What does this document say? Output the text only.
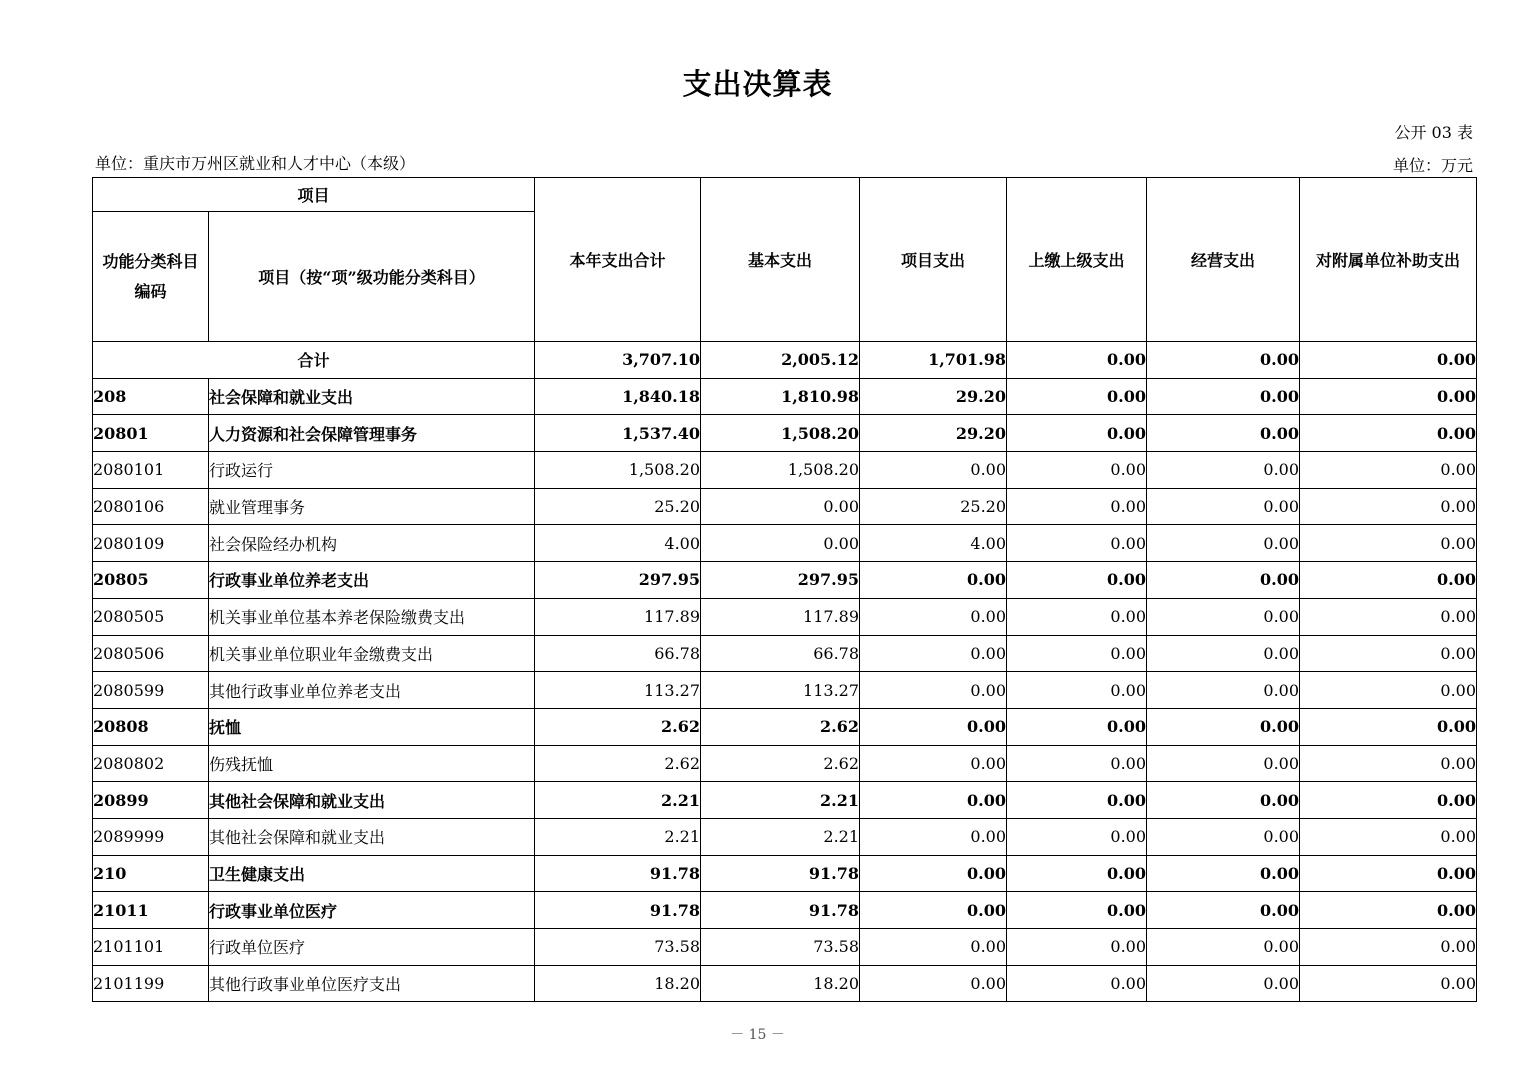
支出决算表
公开 03 表
单位：重庆市万州区就业和人才中心（本级）	单位：万元
项目		本年支出合计	基本支出	项目支出	上缴上级支出	经营支出	对附属单位补助支出
功能分类科目编码	项目（按“项”级功能分类科目）						
合计		3,707.10	2,005.12	1,701.98	0.00	0.00	0.00
208	社会保障和就业支出	1,840.18	1,810.98	29.20	0.00	0.00	0.00
20801	人力资源和社会保障管理事务	1,537.40	1,508.20	29.20	0.00	0.00	0.00
2080101	行政运行	1,508.20	1,508.20	0.00	0.00	0.00	0.00
2080106	就业管理事务	25.20	0.00	25.20	0.00	0.00	0.00
2080109	社会保险经办机构	4.00	0.00	4.00	0.00	0.00	0.00
20805	行政事业单位养老支出	297.95	297.95	0.00	0.00	0.00	0.00
2080505	机关事业单位基本养老保险缴费支出	117.89	117.89	0.00	0.00	0.00	0.00
2080506	机关事业单位职业年金缴费支出	66.78	66.78	0.00	0.00	0.00	0.00
2080599	其他行政事业单位养老支出	113.27	113.27	0.00	0.00	0.00	0.00
20808	抚恤	2.62	2.62	0.00	0.00	0.00	0.00
2080802	伤残抚恤	2.62	2.62	0.00	0.00	0.00	0.00
20899	其他社会保障和就业支出	2.21	2.21	0.00	0.00	0.00	0.00
2089999	其他社会保障和就业支出	2.21	2.21	0.00	0.00	0.00	0.00
210	卫生健康支出	91.78	91.78	0.00	0.00	0.00	0.00
21011	行政事业单位医疗	91.78	91.78	0.00	0.00	0.00	0.00
2101101	行政单位医疗	73.58	73.58	0.00	0.00	0.00	0.00
2101199	其他行政事业单位医疗支出	18.20	18.20	0.00	0.00	0.00	0.00
－ 15 －
